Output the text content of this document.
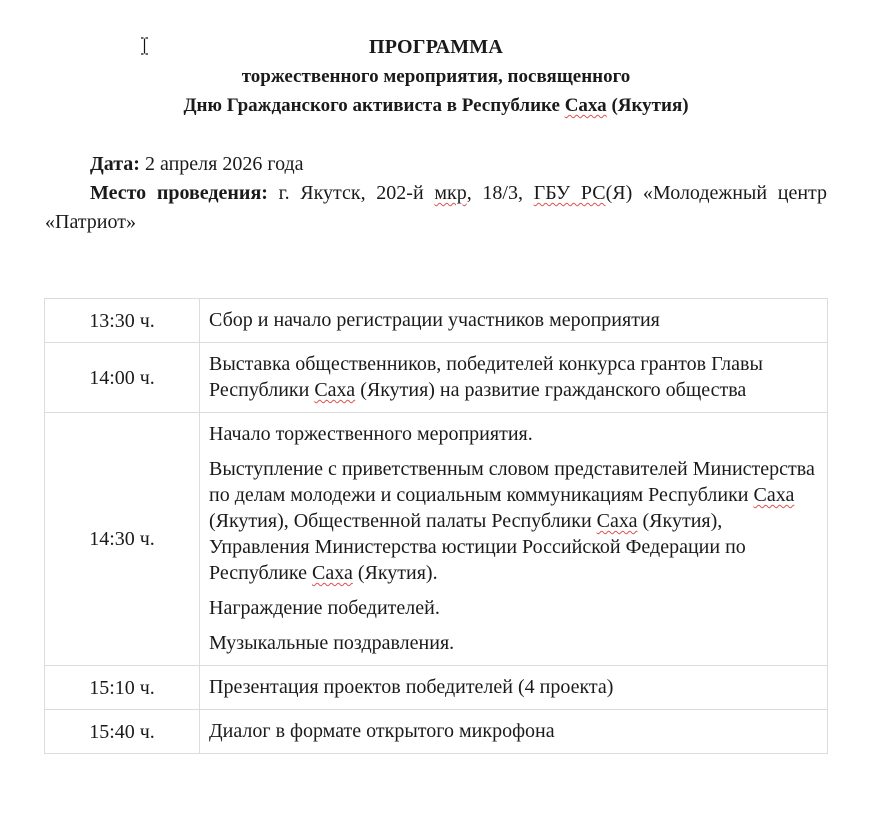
ПРОГРАММА
торжественного мероприятия, посвященного
Дню Гражданского активиста в Республике Саха (Якутия)

Дата: 2 апреля 2026 года

Место проведения: г. Якутск, 202-й мкр, 18/3, ГБУ РС(Я) «Молодежный центр «Патриот»

13:30 ч.	Сбор и начало регистрации участников мероприятия

14:00 ч.	Выставка общественников, победителей конкурса грантов Главы Республики Саха (Якутия) на развитие гражданского общества

14:30 ч.	Начало торжественного мероприятия.
Выступление с приветственным словом представителей Министерства по делам молодежи и социальным коммуникациям Республики Саха (Якутия), Общественной палаты Республики Саха (Якутия), Управления Министерства юстиции Российской Федерации по Республике Саха (Якутия).
Награждение победителей.
Музыкальные поздравления.

15:10 ч.	Презентация проектов победителей (4 проекта)

15:40 ч.	Диалог в формате открытого микрофона
